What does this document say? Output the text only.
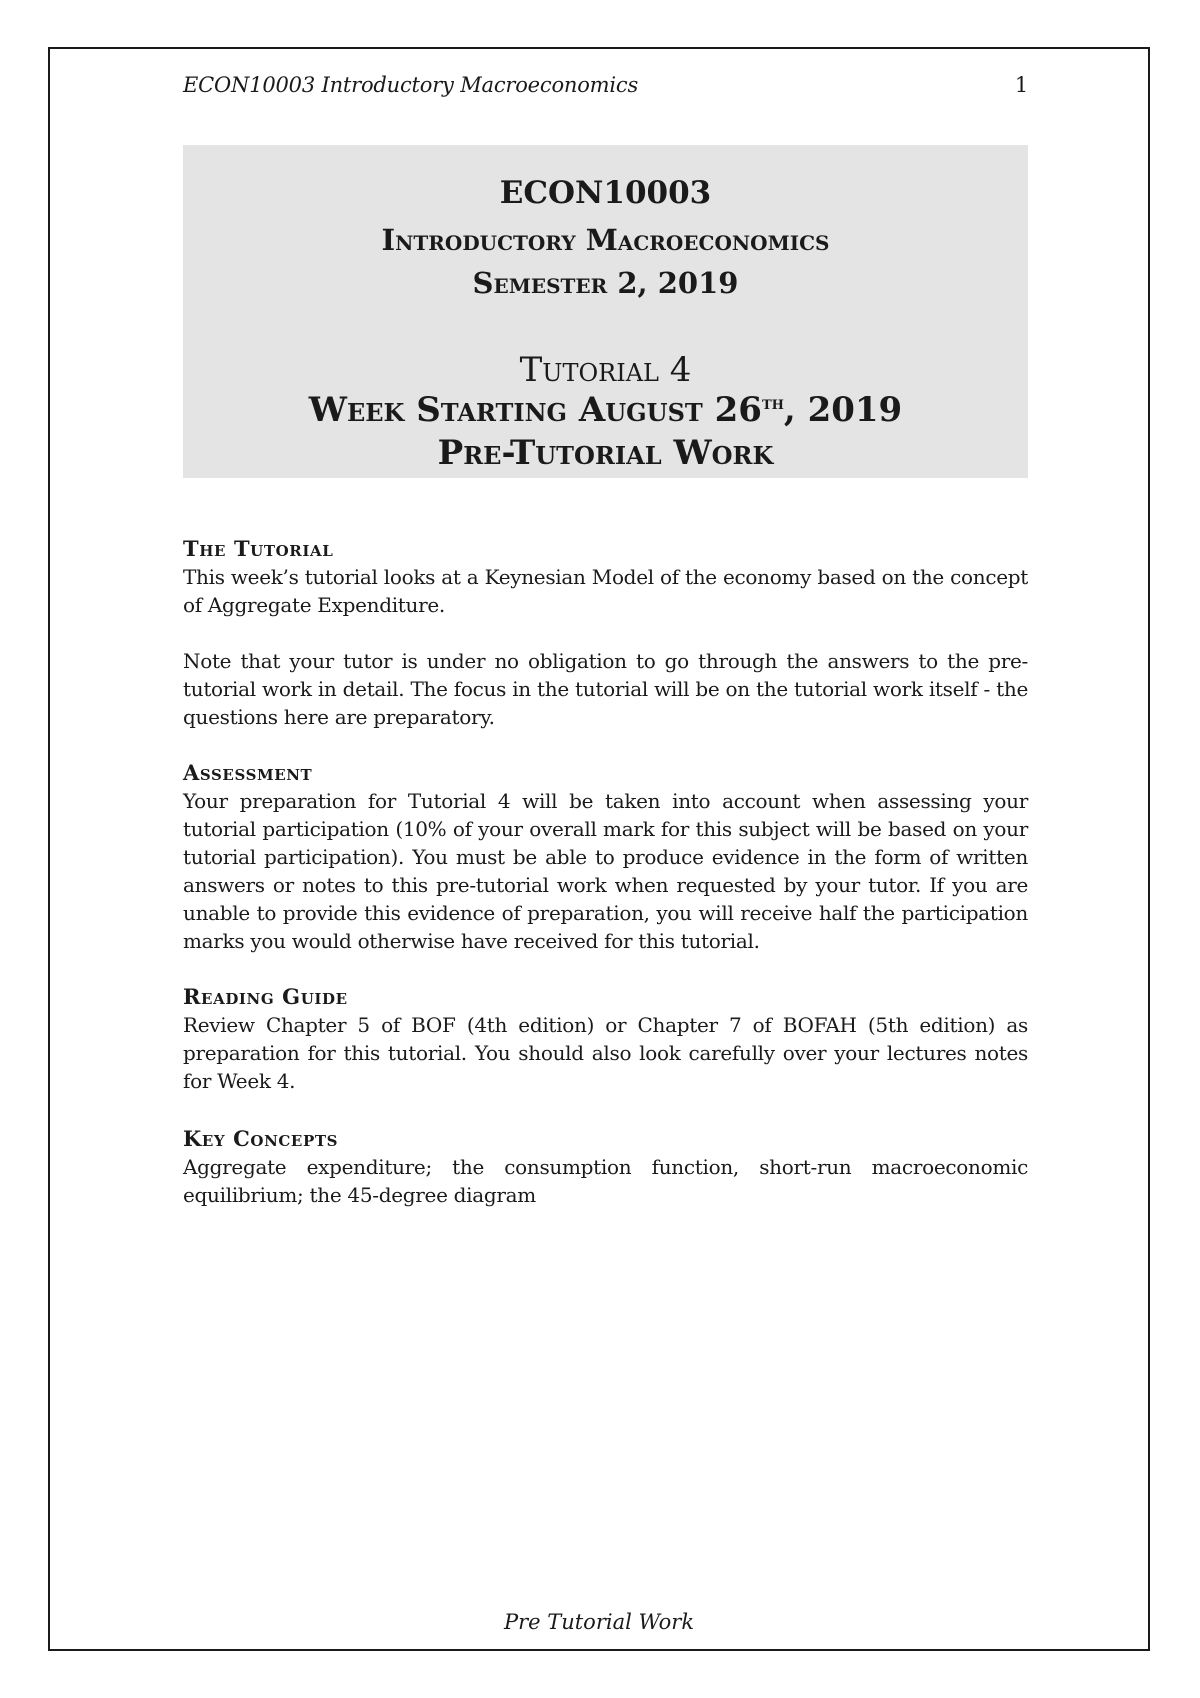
ECON10003 Introductory Macroeconomics	1
ECON10003
Introductory Macroeconomics
Semester 2, 2019
Tutorial 4
Week Starting August 26th, 2019
Pre-Tutorial Work
The Tutorial

This week’s tutorial looks at a Keynesian Model of the economy based on the concept of Aggregate Expenditure.

Note that your tutor is under no obligation to go through the answers to the pre-tutorial work in detail. The focus in the tutorial will be on the tutorial work itself - the questions here are preparatory.

Assessment

Your preparation for Tutorial 4 will be taken into account when assessing your tutorial participation (10% of your overall mark for this subject will be based on your tutorial participation). You must be able to produce evidence in the form of written answers or notes to this pre-tutorial work when requested by your tutor. If you are unable to provide this evidence of preparation, you will receive half the participation marks you would otherwise have received for this tutorial.

Reading Guide

Review Chapter 5 of BOF (4th edition) or Chapter 7 of BOFAH (5th edition) as preparation for this tutorial. You should also look carefully over your lectures notes for Week 4.

Key Concepts

Aggregate expenditure; the consumption function, short-run macroeconomic equilibrium; the 45-degree diagram

Pre Tutorial Work
